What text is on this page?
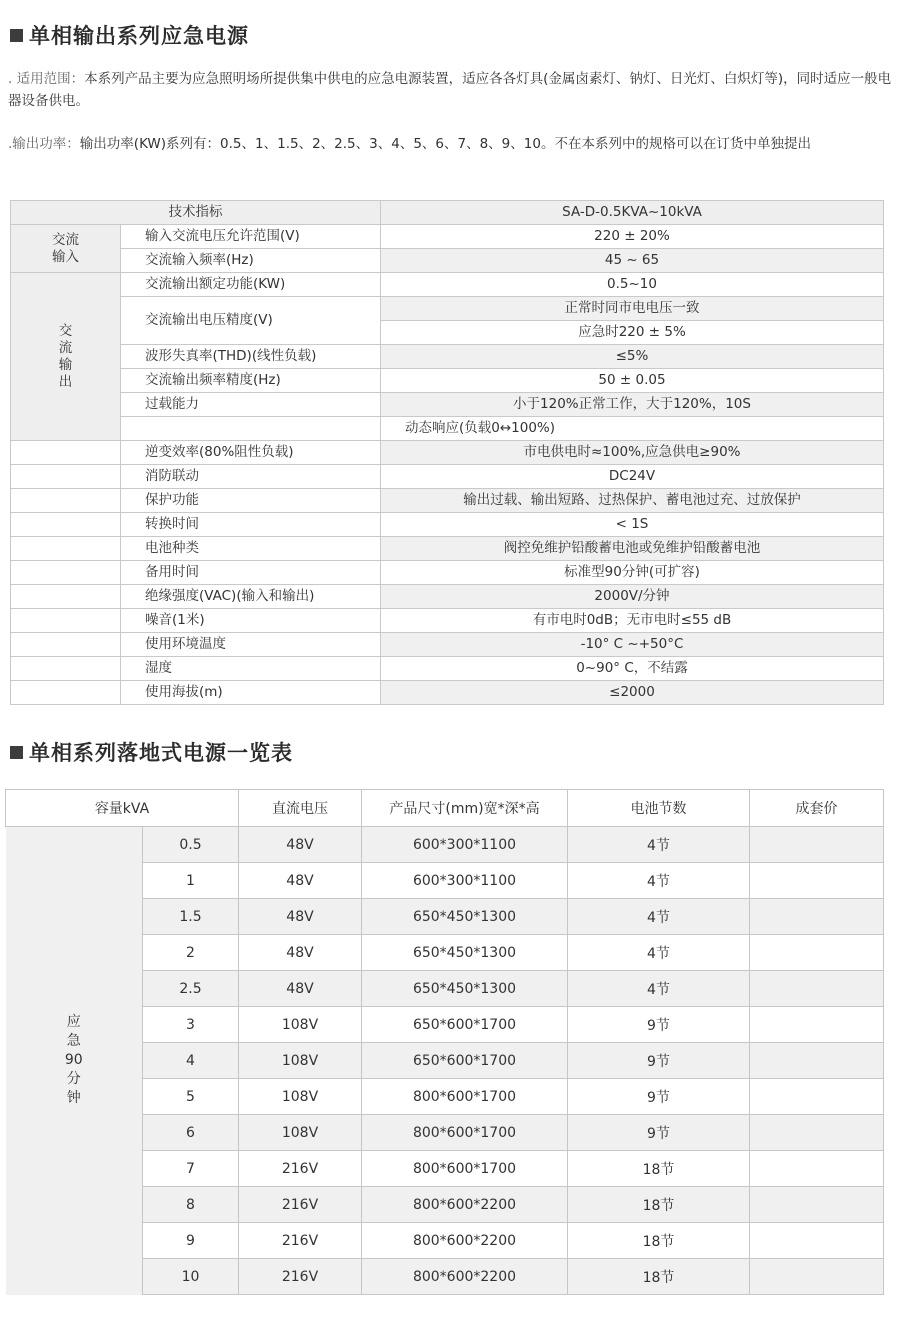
单相输出系列应急电源

. 适用范围：本系列产品主要为应急照明场所提供集中供电的应急电源装置，适应各各灯具(金属卤素灯、钠灯、日光灯、白炽灯等)，同时适应一般电器设备供电。

.输出功率：输出功率(KW)系列有：0.5、1、1.5、2、2.5、3、4、5、6、7、8、9、10。不在本系列中的规格可以在订货中单独提出

技术指标		SA-D-0.5KVA~10kVA	
交流输入	输入交流电压允许范围(V)	220 ± 20%	
	交流输入频率(Hz)	45 ~ 65	
交流输出	交流输出额定功能(KW)	0.5~10	
	交流输出电压精度(V)	正常时同市电电压一致	
		应急时220 ± 5%	
	波形失真率(THD)(线性负载)	≤5%	
	交流输出频率精度(Hz)	50 ± 0.05	
	过载能力	小于120%正常工作，大于120%，10S	
		动态响应(负载0↔100%)	
	逆变效率(80%阻性负载)	市电供电时≈100%,应急供电≥90%	
	消防联动	DC24V	
	保护功能	输出过载、输出短路、过热保护、蓄电池过充、过放保护	
	转换时间	< 1S	
	电池种类	阀控免维护铅酸蓄电池或免维护铅酸蓄电池	
	备用时间	标准型90分钟(可扩容)	
	绝缘强度(VAC)(输入和输出)	2000V/分钟	
	噪音(1米)	有市电时0dB；无市电时≤55 dB	
	使用环境温度	-10° C ~+50°C	
	湿度	0~90° C，不结露	
	使用海拔(m)	≤2000	
单相系列落地式电源一览表
容量kVA		直流电压	产品尺寸(mm)宽*深*高	电池节数	成套价
应急90分钟	0.5	48V	600*300*1100	4节	
	1	48V	600*300*1100	4节	
	1.5	48V	650*450*1300	4节	
	2	48V	650*450*1300	4节	
	2.5	48V	650*450*1300	4节	
	3	108V	650*600*1700	9节	
	4	108V	650*600*1700	9节	
	5	108V	800*600*1700	9节	
	6	108V	800*600*1700	9节	
	7	216V	800*600*1700	18节	
	8	216V	800*600*2200	18节	
	9	216V	800*600*2200	18节	
	10	216V	800*600*2200	18节	
